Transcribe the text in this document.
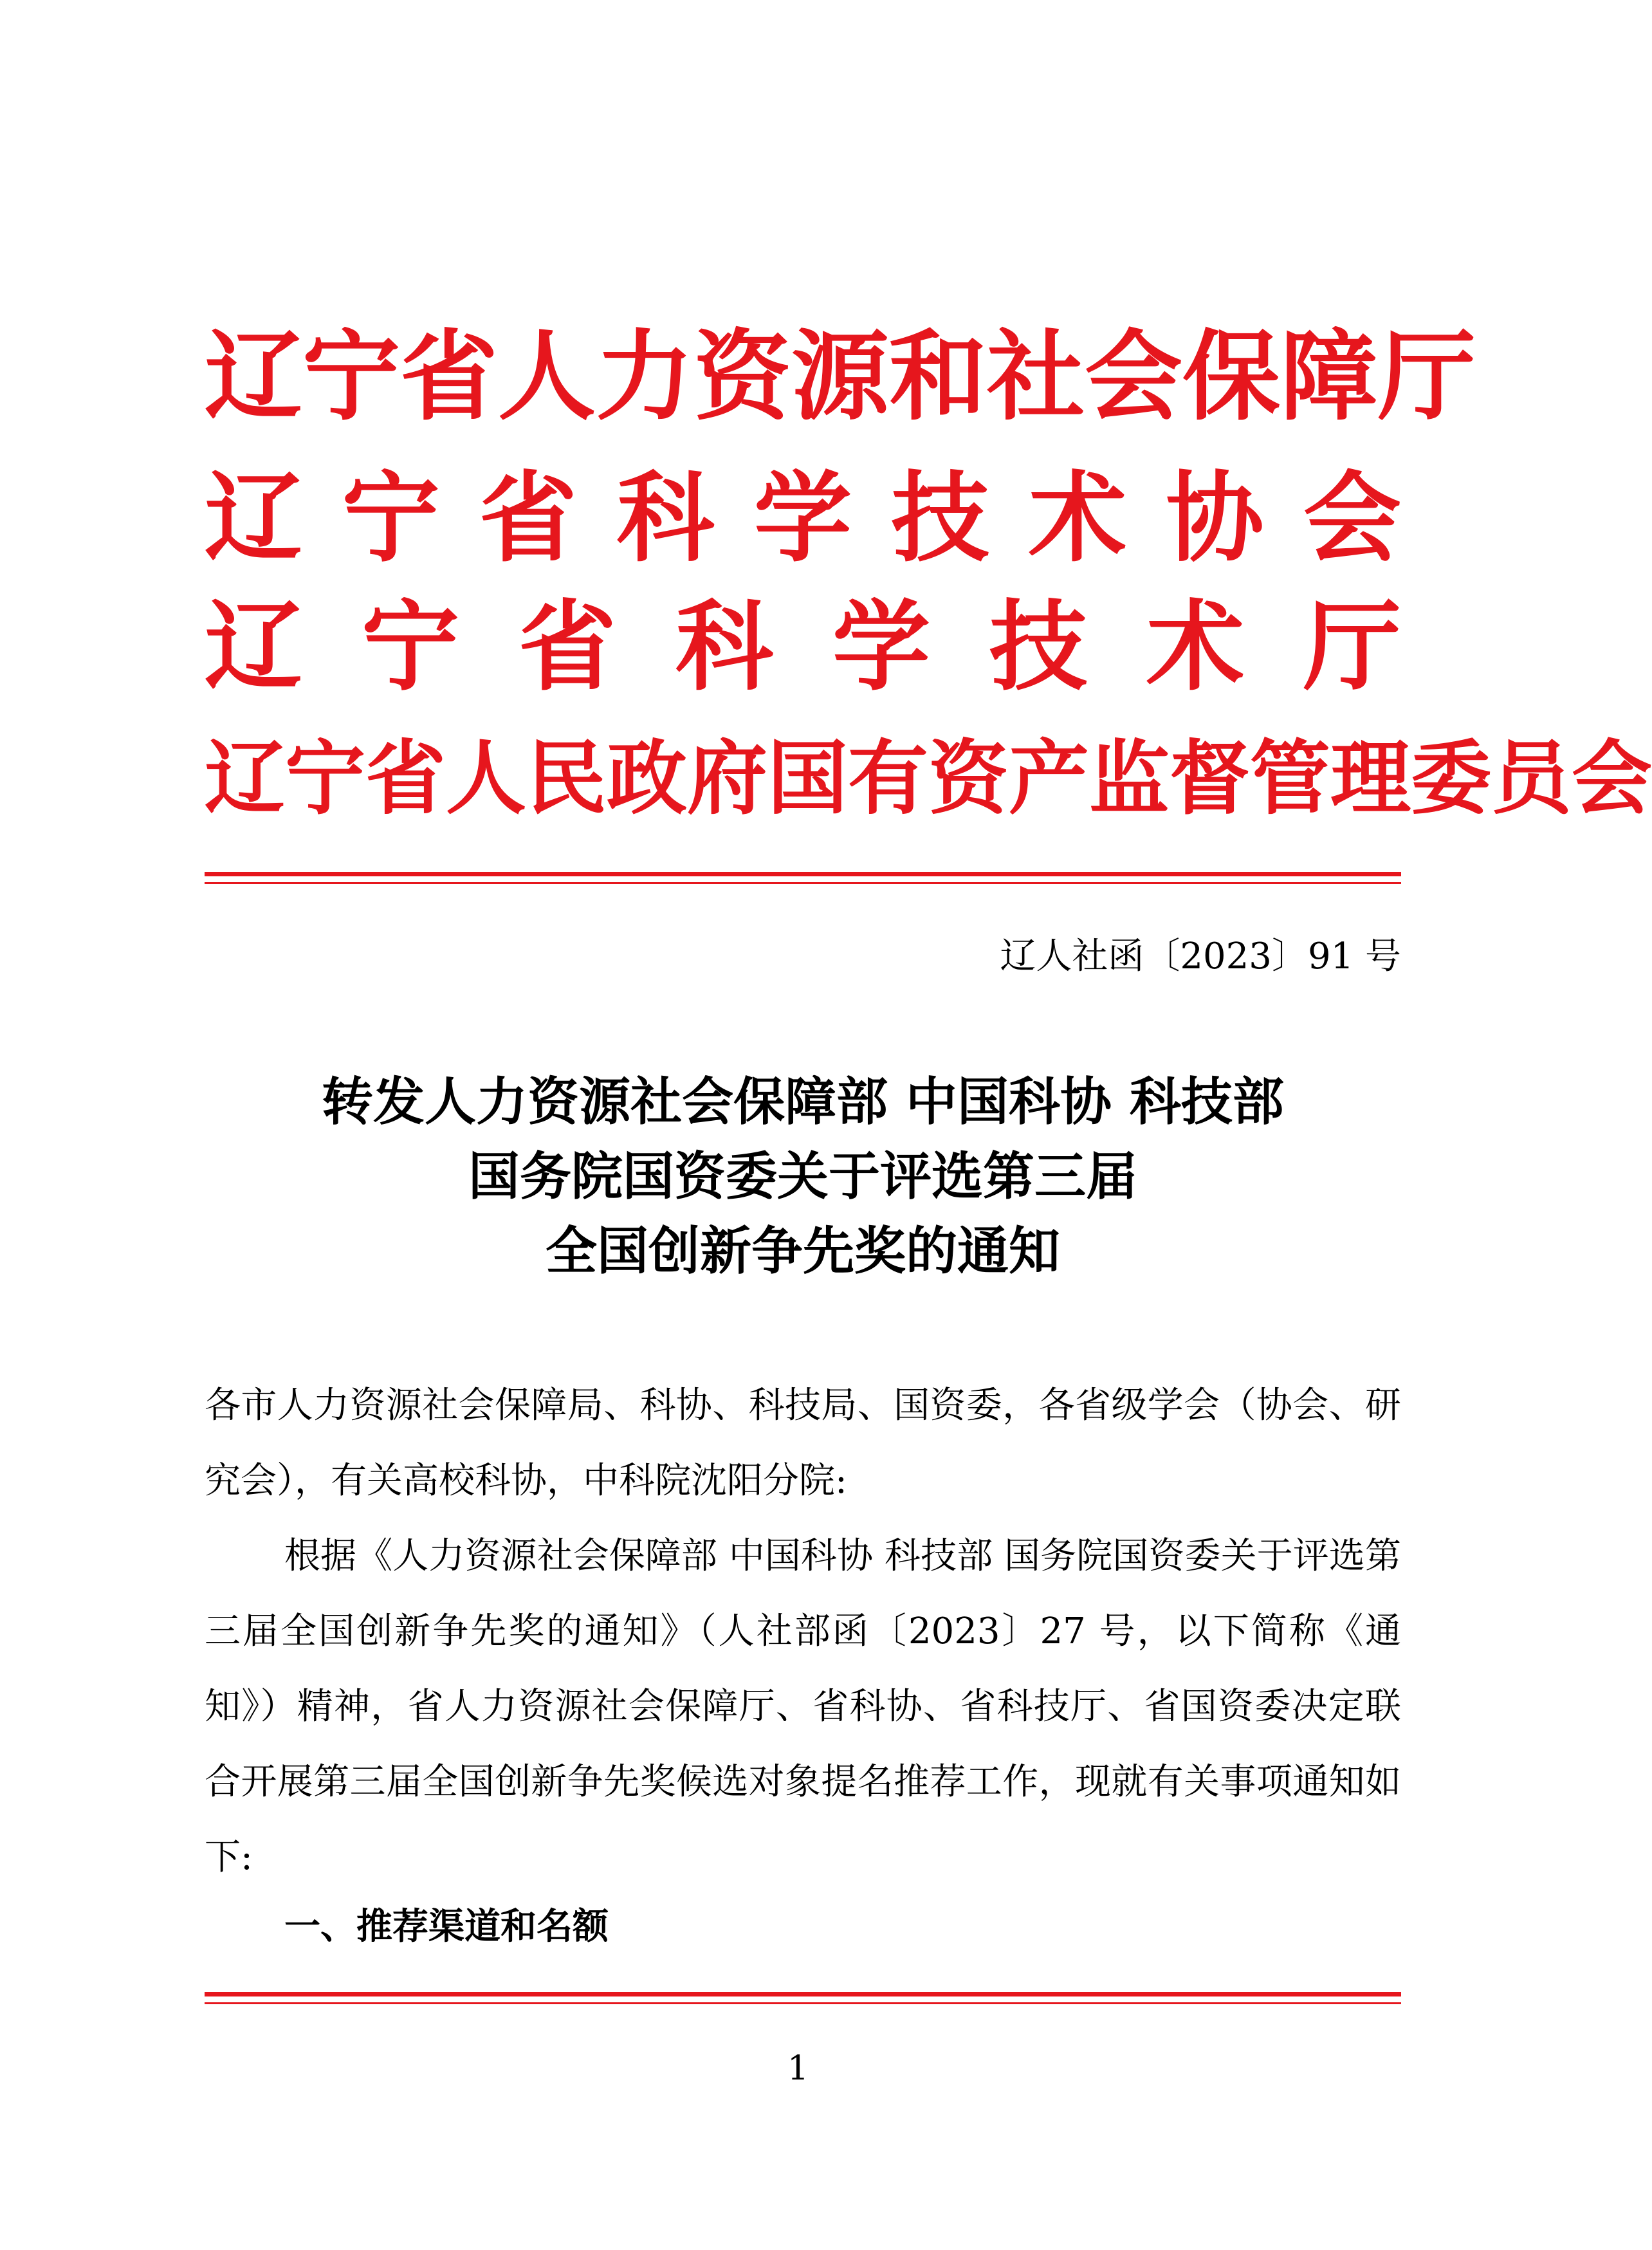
辽 宁 省 人 力 资 源 和 社 会 保 障 厅
辽 宁 省 科 学 技 术 协 会
辽 宁 省 科 学 技 术 厅
辽 宁 省 人 民 政 府 国 有 资 产 监 督 管 理 委 员 会
辽人社函〔2023〕91 号
转发人力资源社会保障部 中国科协 科技部
国务院国资委关于评选第三届
全国创新争先奖的通知
各市人力资源社会保障局、科协、科技局、国资委，各省级学会（协会、研究会），有关高校科协，中科院沈阳分院:
根据《人力资源社会保障部 中国科协 科技部 国务院国资委关于评选第三届全国创新争先奖的通知》（人社部函〔2023〕27 号，以下简称《通知》）精神，省人力资源社会保障厅、省科协、省科技厅、省国资委决定联合开展第三届全国创新争先奖候选对象提名推荐工作，现就有关事项通知如下:
一、推荐渠道和名额
1
